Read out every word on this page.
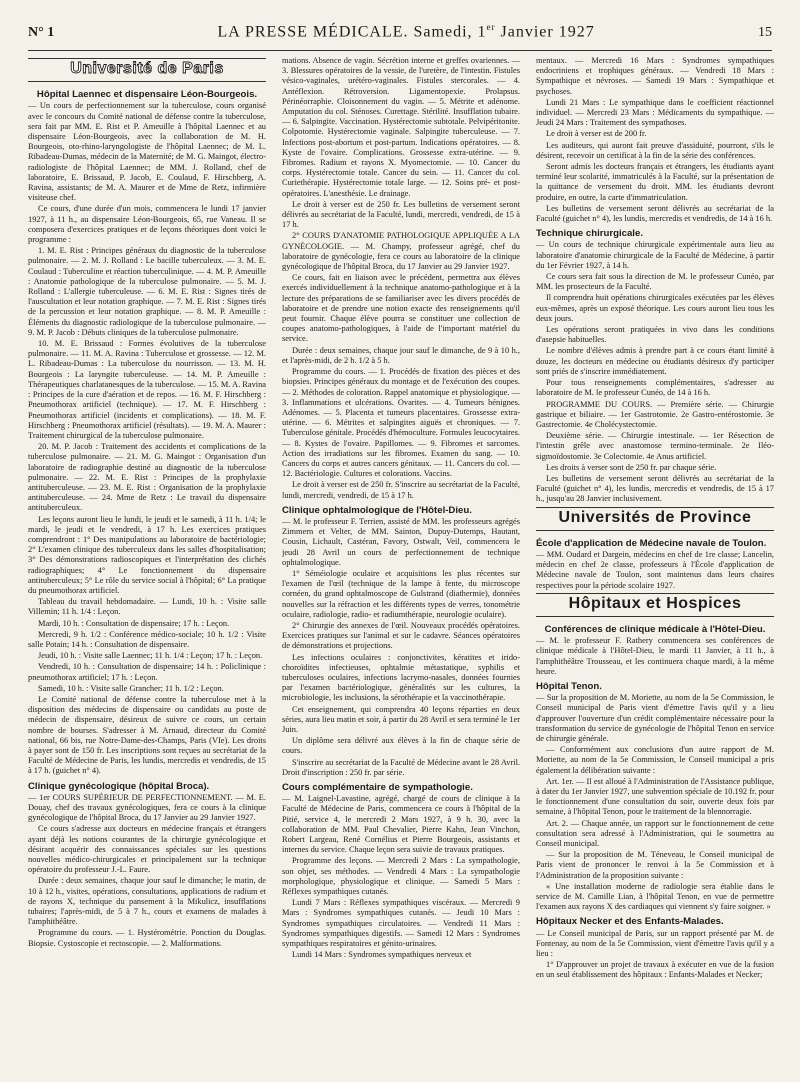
N° 1	LA PRESSE MÉDICALE. Samedi, 1er Janvier 1927	15
Université de Paris
Hôpital Laennec et dispensaire Léon-Bourgeois.

— Un cours de perfectionnement sur la tuberculose, cours organisé avec le concours du Comité national de défense contre la tuberculose, sera fait par MM. E. Rist et P. Ameuille à l'hôpital Laennec et au dispensaire Léon-Bourgeois, avec la collaboration de M. H. Bourgeois, oto-rhino-laryngologiste de l'hôpital Laennec; de M. L. Ribadeau-Dumas, médecin de la Maternité; de M. G. Maingot, électro-radiologiste de l'hôpital Laennec; de MM. J. Rolland, chef de laboratoire, E. Brissaud, P. Jacob, E. Coulaud, F. Hirschberg, A. Ravina, assistants; de M. A. Maurer et de Mme de Retz, infirmière visiteuse chef.

Ce cours, d'une durée d'un mois, commencera le lundi 17 janvier 1927, à 11 h., au dispensaire Léon-Bourgeois, 65, rue Vaneau. Il se composera d'exercices pratiques et de leçons théoriques dont voici le programme :

1. M. E. Rist : Principes généraux du diagnostic de la tuberculose pulmonaire. — 2. M. J. Rolland : Le bacille tuberculeux. — 3. M. E. Coulaud : Tuberculine et réaction tuberculinique. — 4. M. P. Ameuille : Anatomie pathologique de la tuberculose pulmonaire. — 5. M. J. Rolland : L'allergie tuberculeuse. — 6. M. E. Rist : Signes tirés de l'auscultation et leur notation graphique. — 7. M. E. Rist : Signes tirés de la percussion et leur notation graphique. — 8. M. P. Ameuille : Éléments du diagnostic radiologique de la tuberculose pulmonaire. — 9. M. P. Jacob : Débuts cliniques de la tuberculose pulmonaire.

10. M. E. Brissaud : Formes évolutives de la tuberculose pulmonaire. — 11. M. A. Ravina : Tuberculose et grossesse. — 12. M. L. Ribadeau-Dumas : La tuberculose du nourrisson. — 13. M. H. Bourgeois : La laryngite tuberculeuse. — 14. M. P. Ameuille : Thérapeutiques charlatanesques de la tuberculose. — 15. M. A. Ravina : Principes de la cure d'aération et de repos. — 16. M. F. Hirschberg : Pneumothorax artificiel (technique). — 17. M. F. Hirschberg : Pneumothorax artificiel (incidents et complications). — 18. M. F. Hirschberg : Pneumothorax artificiel (résultats). — 19. M. A. Maurer : Traitement chirurgical de la tuberculose pulmonaire.

20. M. P. Jacob : Traitement des accidents et complications de la tuberculose pulmonaire. — 21. M. G. Maingot : Organisation d'un laboratoire de radiographie destiné au diagnostic de la tuberculose pulmonaire. — 22. M. E. Rist : Principes de la prophylaxie antituberculeuse. — 23. M. E. Rist : Organisation de la prophylaxie antituberculeuse. — 24. Mme de Retz : Le travail du dispensaire antituberculeux.

Les leçons auront lieu le lundi, le jeudi et le samedi, à 11 h. 1/4; le mardi, le jeudi et le vendredi, à 17 h. Les exercices pratiques comprendront : 1° Des manipulations au laboratoire de bactériologie; 2° L'examen clinique des tuberculeux dans les salles d'hospitalisation; 3° Des démonstrations radioscopiques et l'interprétation des clichés radiographiques; 4° Le fonctionnement du dispensaire antituberculeux; 5° Le rôle du service social à l'hôpital; 6° La pratique du pneumothorax artificiel.

Tableau du travail hebdomadaire. — Lundi, 10 h. : Visite salle Villemin; 11 h. 1/4 : Leçon.

Mardi, 10 h. : Consultation de dispensaire; 17 h. : Leçon.

Mercredi, 9 h. 1/2 : Conférence médico-sociale; 10 h. 1/2 : Visite salle Potain; 14 h. : Consultation de dispensaire.

Jeudi, 10 h. : Visite salle Laennec; 11 h. 1/4 : Leçon; 17 h. : Leçon.

Vendredi, 10 h. : Consultation de dispensaire; 14 h. : Policlinique : pneumothorax artificiel; 17 h. : Leçon.

Samedi, 10 h. : Visite salle Grancher; 11 h. 1/2 : Leçon.

Le Comité national de défense contre la tuberculose met à la disposition des médecins de dispensaire ou candidats au poste de médecin de dispensaire, désireux de suivre ce cours, un certain nombre de bourses. S'adresser à M. Arnaud, directeur du Comité national, 66 bis, rue Notre-Dame-des-Champs, Paris (VIe). Les droits à payer sont de 150 fr. Les inscriptions sont reçues au secrétariat de la Faculté de Médecine de Paris, les lundis, mercredis et vendredis, de 15 à 17 h. (guichet n° 4).

Clinique gynécologique (hôpital Broca).

— 1er COURS SUPÉRIEUR DE PERFECTIONNEMENT. — M. E. Douay, chef des travaux gynécologiques, fera ce cours à la clinique gynécologique de l'hôpital Broca, du 17 Janvier au 29 Janvier 1927.

Ce cours s'adresse aux docteurs en médecine français et étrangers ayant déjà les notions courantes de la chirurgie gynécologique et désirant acquérir des connaissances spéciales sur les questions nouvelles médico-chirurgicales et principalement sur la technique opératoire du professeur J.-L. Faure.

Durée : deux semaines, chaque jour sauf le dimanche; le matin, de 10 à 12 h., visites, opérations, consultations, applications de radium et de rayons X, technique du pansement à la Mikulicz, insufflations tubaires; l'après-midi, de 5 à 7 h., cours et examens de malades à l'amphithéâtre.

Programme du cours. — 1. Hystérométrie. Ponction du Douglas. Biopsie. Cystoscopie et rectoscopie. — 2. Malformations.

mations. Absence de vagin. Sécrétion interne et greffes ovariennes. — 3. Blessures opératoires de la vessie, de l'uretère, de l'intestin. Fistules vésico-vaginales, urétéro-vaginales. Fistules stercorales. — 4. Antéflexion. Rétroversion. Ligamentopexie. Prolapsus. Périnéorraphie. Cloisonnement du vagin. — 5. Métrite et adénome. Amputation du col. Sténoses. Curettage. Stérilité. Insufflation tubaire. — 6. Salpingite. Vaccination. Hystérectomie subtotale. Pelvipéritonite. Colpotomie. Hystérectomie vaginale. Salpingite tuberculeuse. — 7. Infections post-abortum et post-partum. Indications opératoires. — 8. Kyste de l'ovaire. Complications. Grossesse extra-utérine. — 9. Fibromes. Radium et rayons X. Myomectomie. — 10. Cancer du corps. Hystérectomie totale. Cancer du sein. — 11. Cancer du col. Curiethérapie. Hystérectomie totale large. — 12. Soins pré- et post-opératoires. L'anesthésie. Le drainage.

Le droit à verser est de 250 fr. Les bulletins de versement seront délivrés au secrétariat de la Faculté, lundi, mercredi, vendredi, de 15 à 17 h.

2° COURS D'ANATOMIE PATHOLOGIQUE APPLIQUÉE A LA GYNÉCOLOGIE. — M. Champy, professeur agrégé, chef du laboratoire de gynécologie, fera ce cours au laboratoire de la clinique gynécologique de l'hôpital Broca, du 17 Janvier au 29 Janvier 1927.

Ce cours, fait en liaison avec le précédent, permettra aux élèves exercés individuellement à la technique anatomo-pathologique et à la lecture des préparations de se familiariser avec les divers procédés de laboratoire et de prendre une notion exacte des renseignements qu'il peut fournir. Chaque élève pourra se constituer une collection de coupes anatomo-pathologiques, à l'aide de l'important matériel du service.

Durée : deux semaines, chaque jour sauf le dimanche, de 9 à 10 h., et l'après-midi, de 2 h. 1/2 à 5 h.

Programme du cours. — 1. Procédés de fixation des pièces et des biopsies. Principes généraux du montage et de l'exécution des coupes. — 2. Méthodes de coloration. Rappel anatomique et physiologique. — 3. Inflammations et ulcérations. Ovarites. — 4. Tumeurs bénignes. Adénomes. — 5. Placenta et tumeurs placentaires. Grossesse extra-utérine. — 6. Métrites et salpingites aiguës et chroniques. — 7. Tuberculose génitale. Procédés d'hémoculture. Formules leucocytaires. — 8. Kystes de l'ovaire. Papillomes. — 9. Fibromes et sarcomes. Action des irradiations sur les fibromes. Examen du sang. — 10. Cancers du corps et autres cancers génitaux. — 11. Cancers du col. — 12. Bactériologie. Cultures et colorations. Vaccins.

Le droit à verser est de 250 fr. S'inscrire au secrétariat de la Faculté, lundi, mercredi, vendredi, de 15 à 17 h.

Clinique ophtalmologique de l'Hôtel-Dieu.

— M. le professeur F. Terrien, assisté de MM. les professeurs agrégés Zimmern et Velter, de MM. Sainton, Dupuy-Dutemps, Hautant, Cousin, Lichault, Castéran, Favory, Ostwalt, Veil, commencera le jeudi 28 Avril un cours de perfectionnement de technique ophtalmologique.

1° Séméiologie oculaire et acquisitions les plus récentes sur l'examen de l'œil (technique de la lampe à fente, du microscope cornéen, du grand ophtalmoscope de Gulstrand (diathermie), données nouvelles sur la réfraction et les différents types de verres, tonométrie oculaire, radiologie, radio- et radiumthérapie, neurologie oculaire).

2° Chirurgie des annexes de l'œil. Nouveaux procédés opératoires. Exercices pratiques sur l'animal et sur le cadavre. Séances opératoires de démonstrations et projections.

Les infections oculaires : conjonctivites, kératites et irido-choroïdites infectieuses, ophtalmie métastatique, syphilis et tuberculoses oculaires, infections lacrymo-nasales, données fournies par l'examen bactériologique, généralités sur les cultures, la microbiologie, les inclusions, la sérothérapie et la vaccinothérapie.

Cet enseignement, qui comprendra 40 leçons réparties en deux séries, aura lieu matin et soir, à partir du 28 Avril et sera terminé le 1er Juin.

Un diplôme sera délivré aux élèves à la fin de chaque série de cours.

S'inscrire au secrétariat de la Faculté de Médecine avant le 28 Avril. Droit d'inscription : 250 fr. par série.

Cours complémentaire de sympathologie.

— M. Laignel-Lavastine, agrégé, chargé de cours de clinique à la Faculté de Médecine de Paris, commencera ce cours à l'hôpital de la Pitié, service 4, le mercredi 2 Mars 1927, à 9 h. 30, avec la collaboration de MM. Paul Chevalier, Pierre Kahn, Jean Vinchon, Robert Largeau, René Cornélius et Pierre Bourgeois, assistants et internes du service. Chaque leçon sera suivie de travaux pratiques.

Programme des leçons. — Mercredi 2 Mars : La sympathologie, son objet, ses méthodes. — Vendredi 4 Mars : La sympathologie morphologique, physiologique et clinique. — Samedi 5 Mars : Réflexes sympathiques cutanés.

Lundi 7 Mars : Réflexes sympathiques viscéraux. — Mercredi 9 Mars : Syndromes sympathiques cutanés. — Jeudi 10 Mars : Syndromes sympathiques circulatoires. — Vendredi 11 Mars : Syndromes sympathiques digestifs. — Samedi 12 Mars : Syndromes sympathiques respiratoires et génito-urinaires.

Lundi 14 Mars : Syndromes sympathiques nerveux et

mentaux. — Mercredi 16 Mars : Syndromes sympathiques endocriniens et trophiques généraux. — Vendredi 18 Mars : Sympathique et névroses. — Samedi 19 Mars : Sympathique et psychoses.

Lundi 21 Mars : Le sympathique dans le coefficient réactionnel individuel. — Mercredi 23 Mars : Médicaments du sympathique. — Jeudi 24 Mars : Traitement des sympathoses.

Le droit à verser est de 200 fr.

Les auditeurs, qui auront fait preuve d'assiduité, pourront, s'ils le désirent, recevoir un certificat à la fin de la série des conférences.

Seront admis les docteurs français et étrangers, les étudiants ayant terminé leur scolarité, immatriculés à la Faculté, sur la présentation de la quittance de versement du droit. MM. les étudiants devront produire, en outre, la carte d'immatriculation.

Les bulletins de versement seront délivrés au secrétariat de la Faculté (guichet n° 4), les lundis, mercredis et vendredis, de 14 à 16 h.

Technique chirurgicale.

— Un cours de technique chirurgicale expérimentale aura lieu au laboratoire d'anatomie chirurgicale de la Faculté de Médecine, à partir du 1er Février 1927, à 14 h.

Ce cours sera fait sous la direction de M. le professeur Cunéo, par MM. les prosecteurs de la Faculté.

Il comprendra huit opérations chirurgicales exécutées par les élèves eux-mêmes, après un exposé théorique. Les cours auront lieu tous les deux jours.

Les opérations seront pratiquées in vivo dans les conditions d'asepsie habituelles.

Le nombre d'élèves admis à prendre part à ce cours étant limité à douze, les docteurs en médecine ou étudiants désireux d'y participer sont priés de s'inscrire immédiatement.

Pour tous renseignements complémentaires, s'adresser au laboratoire de M. le professeur Cunéo, de 14 à 16 h.

PROGRAMME DU COURS. — Première série. — Chirurgie gastrique et biliaire. — 1er Gastrotomie. 2e Gastro-entérostomie. 3e Gastrectomie. 4e Cholécystectomie.

Deuxième série. — Chirurgie intestinale. — 1er Résection de l'intestin grêle avec anastomose termino-terminale. 2e Iléo-sigmoïdostomie. 3e Colectomie. 4e Anus artificiel.

Les droits à verser sont de 250 fr. par chaque série.

Les bulletins de versement seront délivrés au secrétariat de la Faculté (guichet n° 4), les lundis, mercredis et vendredis, de 15 à 17 h., jusqu'au 28 Janvier inclusivement.

Universités de Province
École d'application de Médecine navale de Toulon.

— MM. Oudard et Dargein, médecins en chef de 1re classe; Lancelin, médecin en chef 2e classe, professeurs à l'École d'application de Médecine navale de Toulon, sont maintenus dans leurs chaires respectives pour la période scolaire 1927.

Hôpitaux et Hospices
Conférences de clinique médicale à l'Hôtel-Dieu.

— M. le professeur F. Rathery commencera ses conférences de clinique médicale à l'Hôtel-Dieu, le mardi 11 Janvier, à 11 h., à l'amphithéâtre Trousseau, et les continuera chaque mardi, à la même heure.

Hôpital Tenon.

— Sur la proposition de M. Moriette, au nom de la 5e Commission, le Conseil municipal de Paris vient d'émettre l'avis qu'il y a lieu d'approuver l'ouverture d'un crédit complémentaire nécessaire pour la transformation du service de gynécologie de l'hôpital Tenon en service de chirurgie générale.

— Conformément aux conclusions d'un autre rapport de M. Moriette, au nom de la 5e Commission, le Conseil municipal a pris également la délibération suivante :

Art. 1er. — Il est alloué à l'Administration de l'Assistance publique, à dater du 1er Janvier 1927, une subvention spéciale de 10.192 fr. pour le fonctionnement d'une consultation du soir, ouverte deux fois par semaine, à l'hôpital Tenon, pour le traitement de la blennorragie.

Art. 2. — Chaque année, un rapport sur le fonctionnement de cette consultation sera adressé à l'Administration, qui le soumettra au Conseil municipal.

— Sur la proposition de M. Téneveau, le Conseil municipal de Paris vient de prononcer le renvoi à la 5e Commission et à l'Administration de la proposition suivante :

« Une installation moderne de radiologie sera établie dans le service de M. Camille Lian, à l'hôpital Tenon, en vue de permettre l'examen aux rayons X des cardiaques qui viennent s'y faire soigner. »

Hôpitaux Necker et des Enfants-Malades.

— Le Conseil municipal de Paris, sur un rapport présenté par M. de Fontenay, au nom de la 5e Commission, vient d'émettre l'avis qu'il y a lieu :

1° D'approuver un projet de travaux à exécuter en vue de la fusion en un seul établissement des hôpitaux : Enfants-Malades et Necker;
